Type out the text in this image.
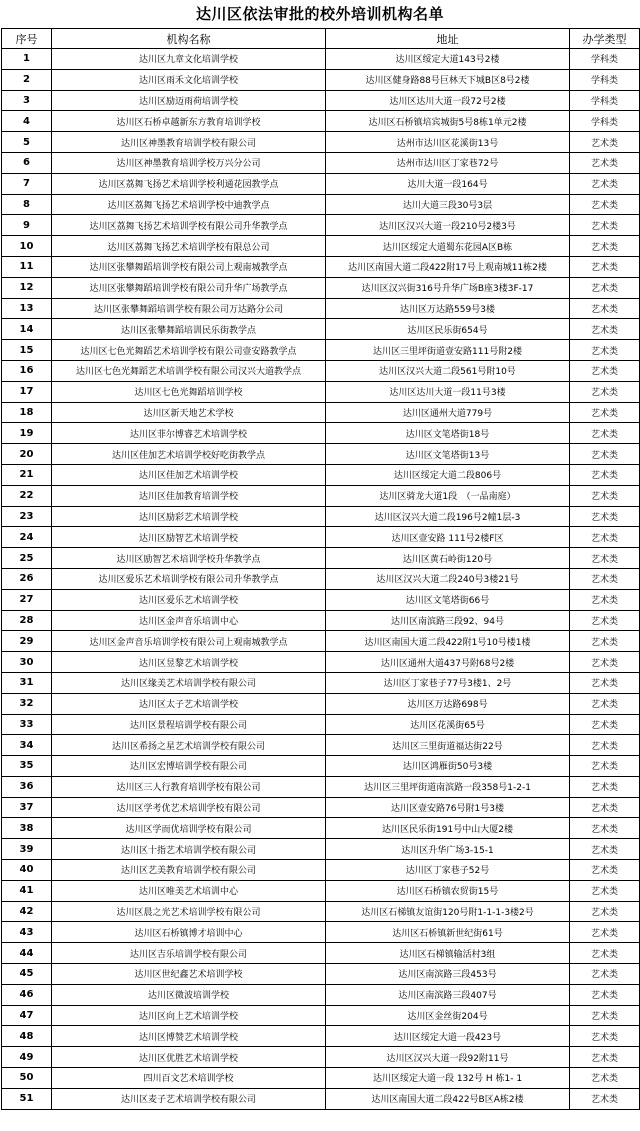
达川区依法审批的校外培训机构名单
序号	机构名称	地址	办学类型
1	达川区九章文化培训学校	达川区绥定大道143号2楼	学科类
2	达川区雨禾文化培训学校	达川区健身路88号巨林天下城B区8号2楼	学科类
3	达川区励迈雨荷培训学校	达川区达川大道一段72号2楼	学科类
4	达川区石桥卓越新东方教育培训学校	达川区石桥镇培宾城街5号8栋1单元2楼	学科类
5	达川区神墨教育培训学校有限公司	达州市达川区花溪街13号	艺术类
6	达川区神墨教育培训学校万兴分公司	达州市达川区丁家巷72号	艺术类
7	达川区荔舞飞扬艺术培训学校利通花园教学点	达川大道一段164号	艺术类
8	达川区荔舞飞扬艺术培训学校中迪教学点	达川大道三段30号3层	艺术类
9	达川区荔舞飞扬艺术培训学校有限公司升华教学点	达川区汉兴大道一段210号2楼3号	艺术类
10	达川区荔舞飞扬艺术培训学校有限总公司	达川区绥定大道蜀东花园A区B栋	艺术类
11	达川区张攀舞蹈培训学校有限公司上观南城教学点	达川区南国大道二段422附17号上观南城11栋2楼	艺术类
12	达川区张攀舞蹈培训学校有限公司升华广场教学点	达川区汉兴街316号升华广场B座3楼3F-17	艺术类
13	达川区张攀舞蹈培训学校有限公司万达路分公司	达川区万达路559号3楼	艺术类
14	达川区张攀舞蹈培训民乐街教学点	达川区民乐街654号	艺术类
15	达川区七色光舞蹈艺术培训学校有限公司壹安路教学点	达川区三里坪街道壹安路111号附2楼	艺术类
16	达川区七色光舞蹈艺术培训学校有限公司汉兴大道教学点	达川区汉兴大道二段561号附10号	艺术类
17	达川区七色光舞蹈培训学校	达川区达川大道一段11号3楼	艺术类
18	达川区新天地艺术学校	达川区通州大道779号	艺术类
19	达川区菲尔博睿艺术培训学校	达川区文笔塔街18号	艺术类
20	达川区佳加艺术培训学校好吃街教学点	达川区文笔塔街13号	艺术类
21	达川区佳加艺术培训学校	达川区绥定大道二段806号	艺术类
22	达川区佳加教育培训学校	达川区骑龙大道1段　（一品南庭）	艺术类
23	达川区励彩艺术培训学校	达川区汉兴大道二段196号2幢1层-3	艺术类
24	达川区励智艺术培训学校	达川区壹安路 111号2楼F区	艺术类
25	达川区励智艺术培训学校升华教学点	达川区黄石岭街120号	艺术类
26	达川区爱乐艺术培训学校有限公司升华教学点	达川区汉兴大道二段240号3楼21号	艺术类
27	达川区爱乐艺术培训学校	达川区文笔塔街66号	艺术类
28	达川区金声音乐培训中心	达川区南滨路三段92、94号	艺术类
29	达川区金声音乐培训学校有限公司上观南城教学点	达川区南国大道二段422附1号10号楼1楼	艺术类
30	达川区昱黎艺术培训学校	达川区通州大道437号附68号2楼	艺术类
31	达川区缘美艺术培训学校有限公司	达川区丁家巷子77号3楼1、2号	艺术类
32	达川区太子艺术培训学校	达川区万达路698号	艺术类
33	达川区景程培训学校有限公司	达川区花溪街65号	艺术类
34	达川区希扬之星艺术培训学校有限公司	达川区三里街道福达街22号	艺术类
35	达川区宏博培训学校有限公司	达川区鸿雁街50号3楼	艺术类
36	达川区三人行教育培训学校有限公司	达川区三里坪街道南滨路一段358号1-2-1	艺术类
37	达川区学考优艺术培训学校有限公司	达川区壹安路76号附1号3楼	艺术类
38	达川区学而优培训学校有限公司	达川区民乐街191号中山大厦2楼	艺术类
39	达川区十指艺术培训学校有限公司	达川区升华广场3-15-1	艺术类
40	达川区艺美教育培训学校有限公司	达川区丁家巷子52号	艺术类
41	达川区唯美艺术培训中心	达川区石桥镇农贸街15号	艺术类
42	达川区晨之光艺术培训学校有限公司	达川区石梯镇友谊街120号附1-1-1-3楼2号	艺术类
43	达川区石桥镇博才培训中心	达川区石桥镇新世纪街61号	艺术类
44	达川区吉乐培训学校有限公司	达川区石梯镇输活村3组	艺术类
45	达川区世纪鑫艺术培训学校	达川区南滨路三段453号	艺术类
46	达川区微波培训学校	达川区南滨路三段407号	艺术类
47	达川区向上艺术培训学校	达川区金丝街204号	艺术类
48	达川区博赞艺术培训学校	达川区绥定大道一段423号	艺术类
49	达川区优胜艺术培训学校	达川区汉兴大道一段92附11号	艺术类
50	四川百文艺术培训学校	达川区绥定大道一段 132号 H 栋1- 1	艺术类
51	达川区麦子艺术培训学校有限公司	达川区南国大道二段422号B区A栋2楼	艺术类
